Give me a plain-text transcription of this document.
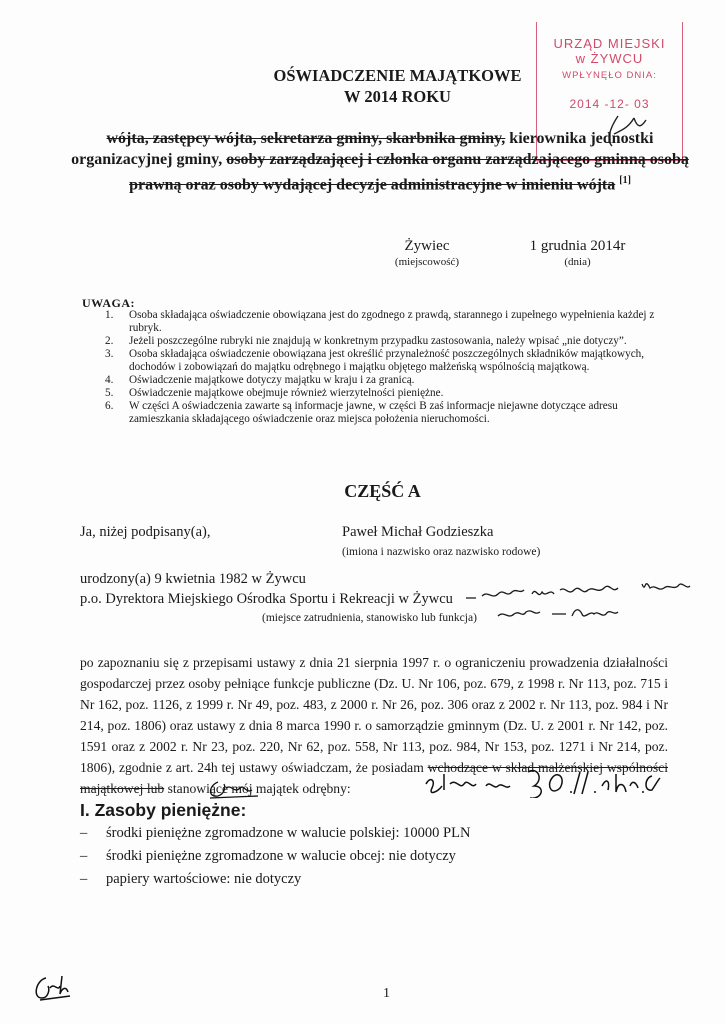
URZĄD MIEJSKI
w ŻYWCU
WPŁYNĘŁO DNIA:
2014 -12- 03
OŚWIADCZENIE MAJĄTKOWE
W 2014 ROKU
wójta, zastępcy wójta, sekretarza gminy, skarbnika gminy, kierownika jednostki organizacyjnej gminy, osoby zarządzającej i członka organu zarządzającego gminną osobą prawną oraz osoby wydającej decyzje administracyjne w imieniu wójta [1]
Żywiec
(miejscowość)
1 grudnia 2014r
(dnia)
UWAGA:
1. Osoba składająca oświadczenie obowiązana jest do zgodnego z prawdą, starannego i zupełnego wypełnienia każdej z rubryk.
2. Jeżeli poszczególne rubryki nie znajdują w konkretnym przypadku zastosowania, należy wpisać „nie dotyczy”.
3. Osoba składająca oświadczenie obowiązana jest określić przynależność poszczególnych składników majątkowych, dochodów i zobowiązań do majątku odrębnego i majątku objętego małżeńską wspólnością majątkową.
4. Oświadczenie majątkowe dotyczy majątku w kraju i za granicą.
5. Oświadczenie majątkowe obejmuje również wierzytelności pieniężne.
6. W części A oświadczenia zawarte są informacje jawne, w części B zaś informacje niejawne dotyczące adresu zamieszkania składającego oświadczenie oraz miejsca położenia nieruchomości.
CZĘŚĆ A
Ja, niżej podpisany(a),	Paweł Michał Godzieszka
(imiona i nazwisko oraz nazwisko rodowe)
urodzony(a) 9 kwietnia 1982 w Żywcu
p.o. Dyrektora Miejskiego Ośrodka Sportu i Rekreacji w Żywcu
(miejsce zatrudnienia, stanowisko lub funkcja)
po zapoznaniu się z przepisami ustawy z dnia 21 sierpnia 1997 r. o ograniczeniu prowadzenia działalności gospodarczej przez osoby pełniące funkcje publiczne (Dz. U. Nr 106, poz. 679, z 1998 r. Nr 113, poz. 715 i Nr 162, poz. 1126, z 1999 r. Nr 49, poz. 483, z 2000 r. Nr 26, poz. 306 oraz z 2002 r. Nr 113, poz. 984 i Nr 214, poz. 1806) oraz ustawy z dnia 8 marca 1990 r. o samorządzie gminnym (Dz. U. z 2001 r. Nr 142, poz. 1591 oraz z 2002 r. Nr 23, poz. 220, Nr 62, poz. 558, Nr 113, poz. 984, Nr 153, poz. 1271 i Nr 214, poz. 1806), zgodnie z art. 24h tej ustawy oświadczam, że posiadam wchodzące w skład małżeńskiej wspólności majątkowej lub stanowiące mój majątek odrębny:
I. Zasoby pieniężne:
– środki pieniężne zgromadzone w walucie polskiej: 10000 PLN
– środki pieniężne zgromadzone w walucie obcej: nie dotyczy
– papiery wartościowe: nie dotyczy
1
